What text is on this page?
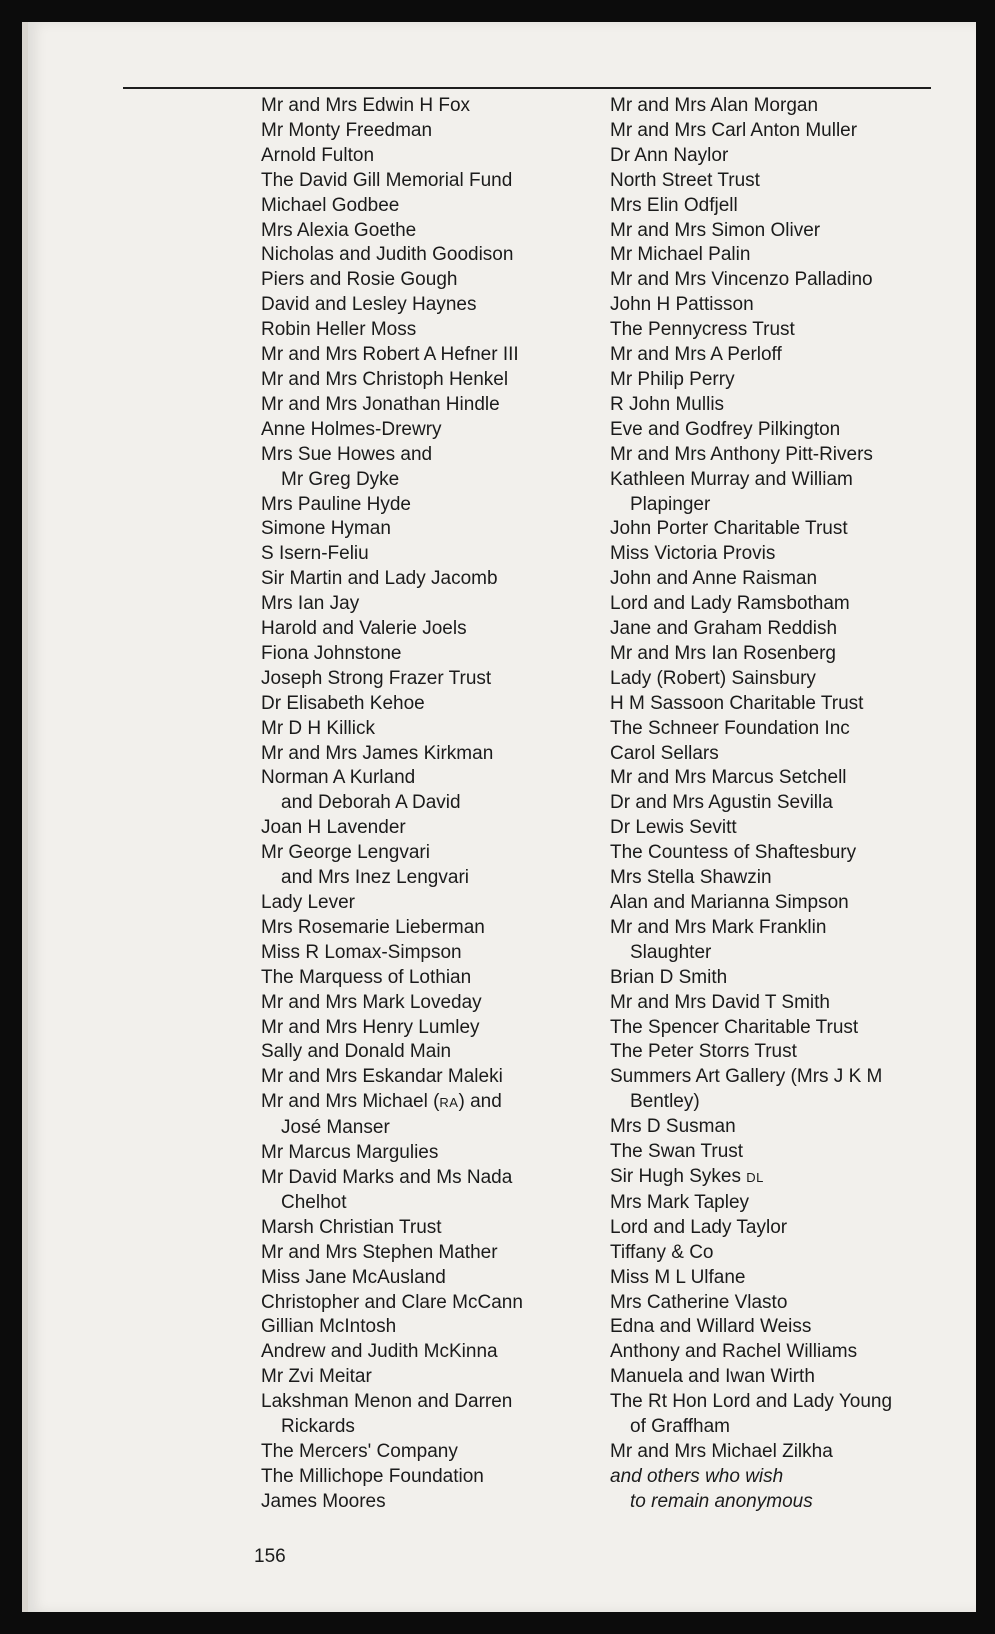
Mr and Mrs Edwin H Fox
Mr Monty Freedman
Arnold Fulton
The David Gill Memorial Fund
Michael Godbee
Mrs Alexia Goethe
Nicholas and Judith Goodison
Piers and Rosie Gough
David and Lesley Haynes
Robin Heller Moss
Mr and Mrs Robert A Hefner III
Mr and Mrs Christoph Henkel
Mr and Mrs Jonathan Hindle
Anne Holmes-Drewry
Mrs Sue Howes and
Mr Greg Dyke
Mrs Pauline Hyde
Simone Hyman
S Isern-Feliu
Sir Martin and Lady Jacomb
Mrs Ian Jay
Harold and Valerie Joels
Fiona Johnstone
Joseph Strong Frazer Trust
Dr Elisabeth Kehoe
Mr D H Killick
Mr and Mrs James Kirkman
Norman A Kurland
and Deborah A David
Joan H Lavender
Mr George Lengvari
and Mrs Inez Lengvari
Lady Lever
Mrs Rosemarie Lieberman
Miss R Lomax-Simpson
The Marquess of Lothian
Mr and Mrs Mark Loveday
Mr and Mrs Henry Lumley
Sally and Donald Main
Mr and Mrs Eskandar Maleki
Mr and Mrs Michael (RA) and
José Manser
Mr Marcus Margulies
Mr David Marks and Ms Nada
Chelhot
Marsh Christian Trust
Mr and Mrs Stephen Mather
Miss Jane McAusland
Christopher and Clare McCann
Gillian McIntosh
Andrew and Judith McKinna
Mr Zvi Meitar
Lakshman Menon and Darren
Rickards
The Mercers' Company
The Millichope Foundation
James Moores
Mr and Mrs Alan Morgan
Mr and Mrs Carl Anton Muller
Dr Ann Naylor
North Street Trust
Mrs Elin Odfjell
Mr and Mrs Simon Oliver
Mr Michael Palin
Mr and Mrs Vincenzo Palladino
John H Pattisson
The Pennycress Trust
Mr and Mrs A Perloff
Mr Philip Perry
R John Mullis
Eve and Godfrey Pilkington
Mr and Mrs Anthony Pitt-Rivers
Kathleen Murray and William
Plapinger
John Porter Charitable Trust
Miss Victoria Provis
John and Anne Raisman
Lord and Lady Ramsbotham
Jane and Graham Reddish
Mr and Mrs Ian Rosenberg
Lady (Robert) Sainsbury
H M Sassoon Charitable Trust
The Schneer Foundation Inc
Carol Sellars
Mr and Mrs Marcus Setchell
Dr and Mrs Agustin Sevilla
Dr Lewis Sevitt
The Countess of Shaftesbury
Mrs Stella Shawzin
Alan and Marianna Simpson
Mr and Mrs Mark Franklin
Slaughter
Brian D Smith
Mr and Mrs David T Smith
The Spencer Charitable Trust
The Peter Storrs Trust
Summers Art Gallery (Mrs J K M
Bentley)
Mrs D Susman
The Swan Trust
Sir Hugh Sykes DL
Mrs Mark Tapley
Lord and Lady Taylor
Tiffany & Co
Miss M L Ulfane
Mrs Catherine Vlasto
Edna and Willard Weiss
Anthony and Rachel Williams
Manuela and Iwan Wirth
The Rt Hon Lord and Lady Young
of Graffham
Mr and Mrs Michael Zilkha
and others who wish
to remain anonymous
156
